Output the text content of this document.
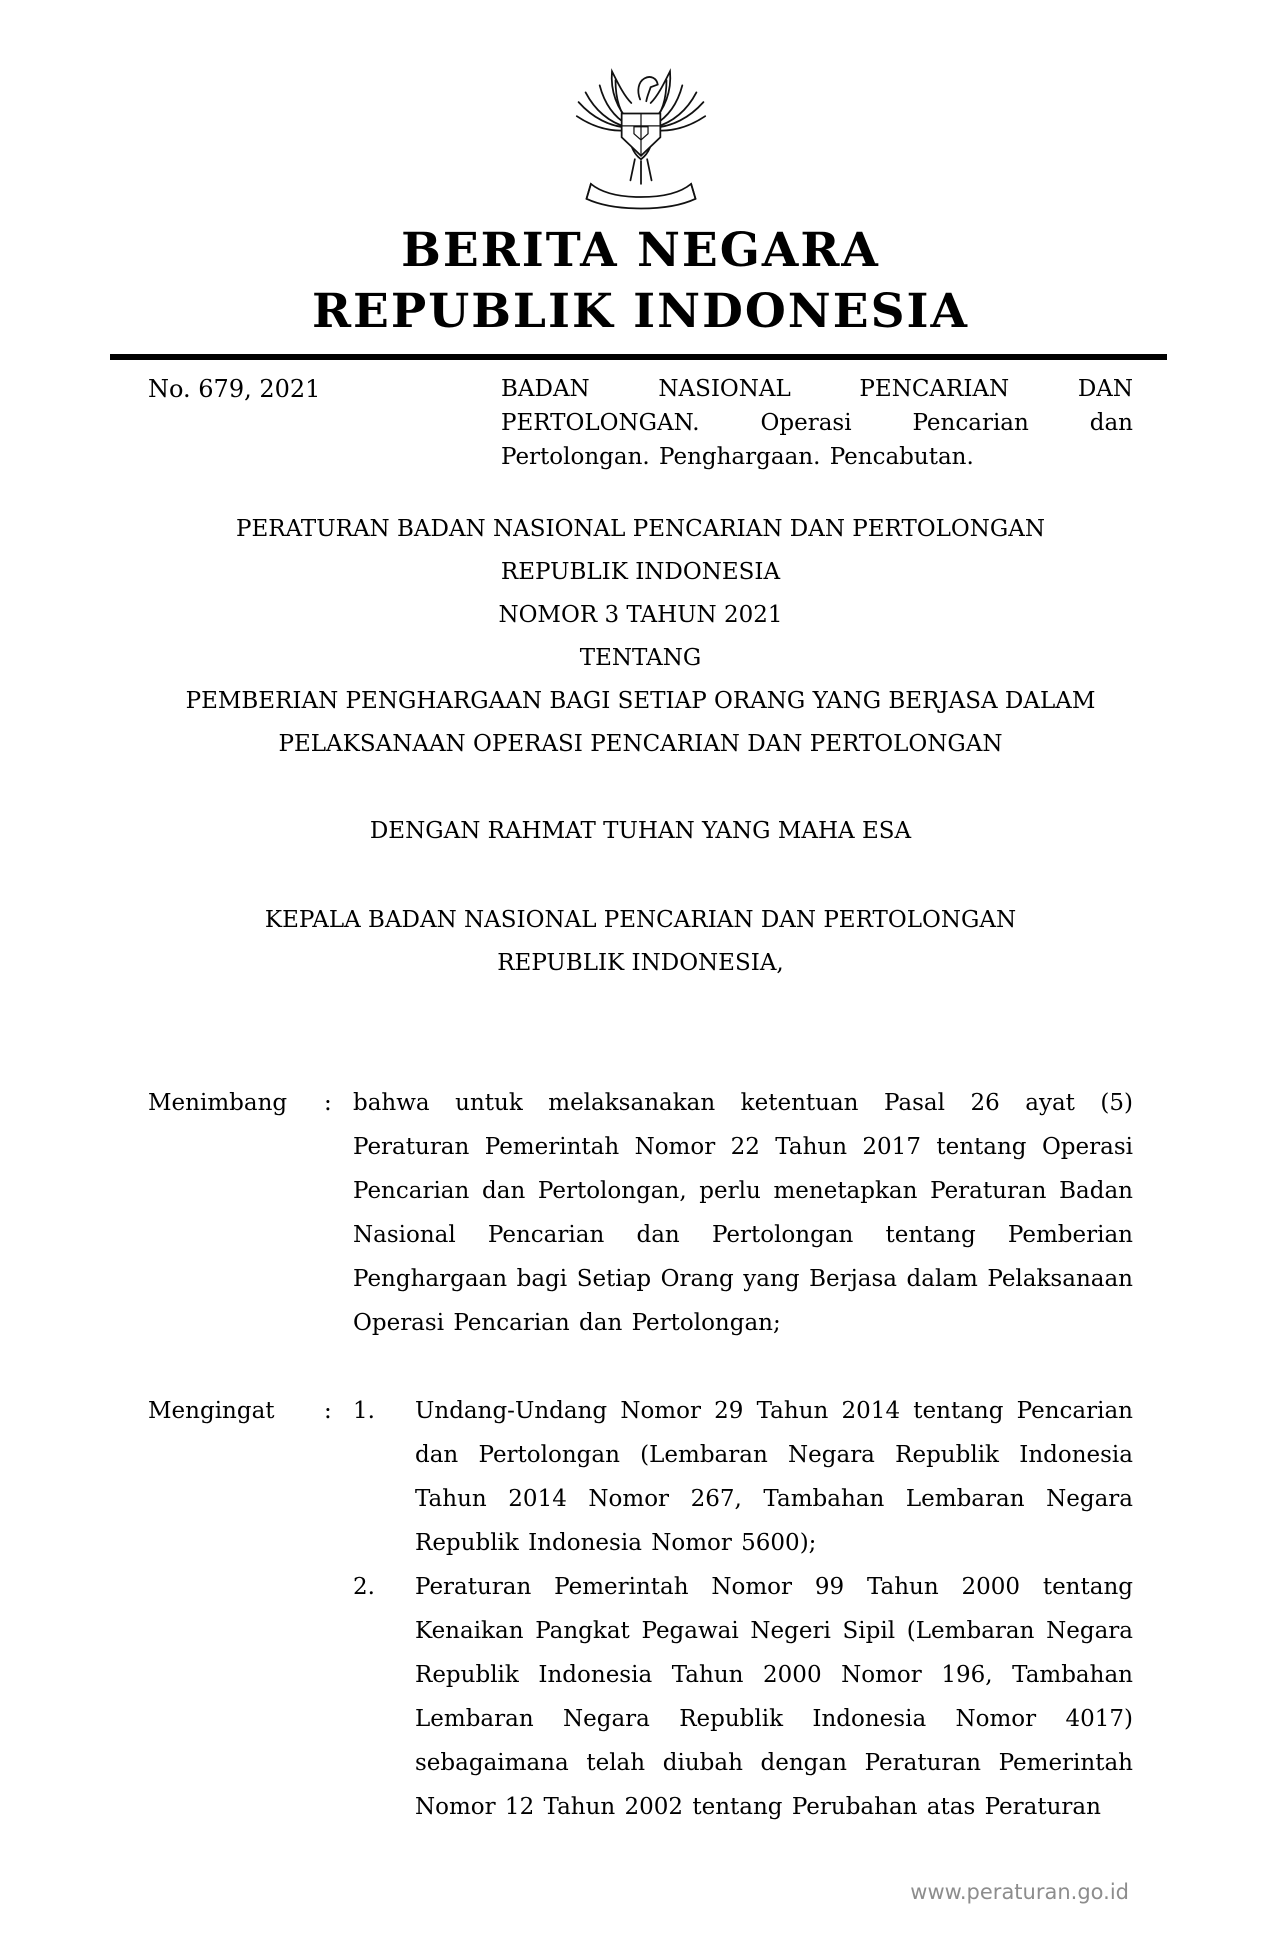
BERITA NEGARA
REPUBLIK INDONESIA
No. 679, 2021	BADAN NASIONAL PENCARIAN DAN PERTOLONGAN. Operasi Pencarian dan Pertolongan. Penghargaan. Pencabutan.
PERATURAN BADAN NASIONAL PENCARIAN DAN PERTOLONGAN
REPUBLIK INDONESIA
NOMOR 3 TAHUN 2021
TENTANG
PEMBERIAN PENGHARGAAN BAGI SETIAP ORANG YANG BERJASA DALAM
PELAKSANAAN OPERASI PENCARIAN DAN PERTOLONGAN
DENGAN RAHMAT TUHAN YANG MAHA ESA
KEPALA BADAN NASIONAL PENCARIAN DAN PERTOLONGAN
REPUBLIK INDONESIA,
Menimbang	: bahwa untuk melaksanakan ketentuan Pasal 26 ayat (5) Peraturan Pemerintah Nomor 22 Tahun 2017 tentang Operasi Pencarian dan Pertolongan, perlu menetapkan Peraturan Badan Nasional Pencarian dan Pertolongan tentang Pemberian Penghargaan bagi Setiap Orang yang Berjasa dalam Pelaksanaan Operasi Pencarian dan Pertolongan;
Mengingat	: 1.	Undang-Undang Nomor 29 Tahun 2014 tentang Pencarian dan Pertolongan (Lembaran Negara Republik Indonesia Tahun 2014 Nomor 267, Tambahan Lembaran Negara Republik Indonesia Nomor 5600);
2.	Peraturan Pemerintah Nomor 99 Tahun 2000 tentang Kenaikan Pangkat Pegawai Negeri Sipil (Lembaran Negara Republik Indonesia Tahun 2000 Nomor 196, Tambahan Lembaran Negara Republik Indonesia Nomor 4017) sebagaimana telah diubah dengan Peraturan Pemerintah Nomor 12 Tahun 2002 tentang Perubahan atas Peraturan
www.peraturan.go.id
